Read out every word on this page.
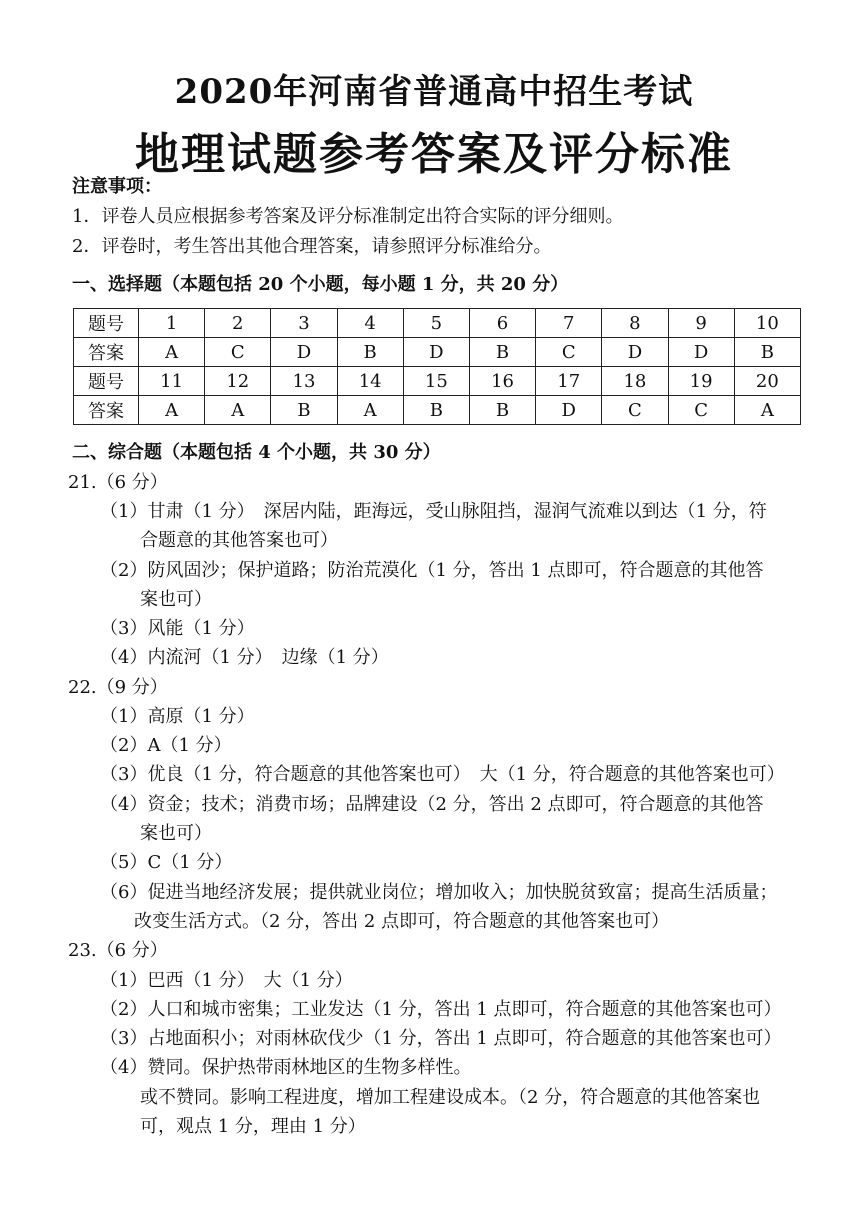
2020年河南省普通高中招生考试
地理试题参考答案及评分标准
注意事项：
1．评卷人员应根据参考答案及评分标准制定出符合实际的评分细则。
2．评卷时，考生答出其他合理答案，请参照评分标准给分。
一、选择题（本题包括 20 个小题，每小题 1 分，共 20 分）
题号	1	2	3	4	5	6	7	8	9	10
答案	A	C	D	B	D	B	C	D	D	B
题号	11	12	13	14	15	16	17	18	19	20
答案	A	A	B	A	B	B	D	C	C	A
二、综合题（本题包括 4 个小题，共 30 分）
21.（6 分）
（1）甘肃（1 分）　深居内陆，距海远，受山脉阻挡，湿润气流难以到达（1 分，符
合题意的其他答案也可）
（2）防风固沙；保护道路；防治荒漠化（1 分，答出 1 点即可，符合题意的其他答
案也可）
（3）风能（1 分）
（4）内流河（1 分）　边缘（1 分）
22.（9 分）
（1）高原（1 分）
（2）A（1 分）
（3）优良（1 分，符合题意的其他答案也可）　大（1 分，符合题意的其他答案也可）
（4）资金；技术；消费市场；品牌建设（2 分，答出 2 点即可，符合题意的其他答
案也可）
（5）C（1 分）
（6）促进当地经济发展；提供就业岗位；增加收入；加快脱贫致富；提高生活质量；
改变生活方式。（2 分，答出 2 点即可，符合题意的其他答案也可）
23.（6 分）
（1）巴西（1 分）　大（1 分）
（2）人口和城市密集；工业发达（1 分，答出 1 点即可，符合题意的其他答案也可）
（3）占地面积小；对雨林砍伐少（1 分，答出 1 点即可，符合题意的其他答案也可）
（4）赞同。保护热带雨林地区的生物多样性。
或不赞同。影响工程进度，增加工程建设成本。（2 分，符合题意的其他答案也
可，观点 1 分，理由 1 分）
